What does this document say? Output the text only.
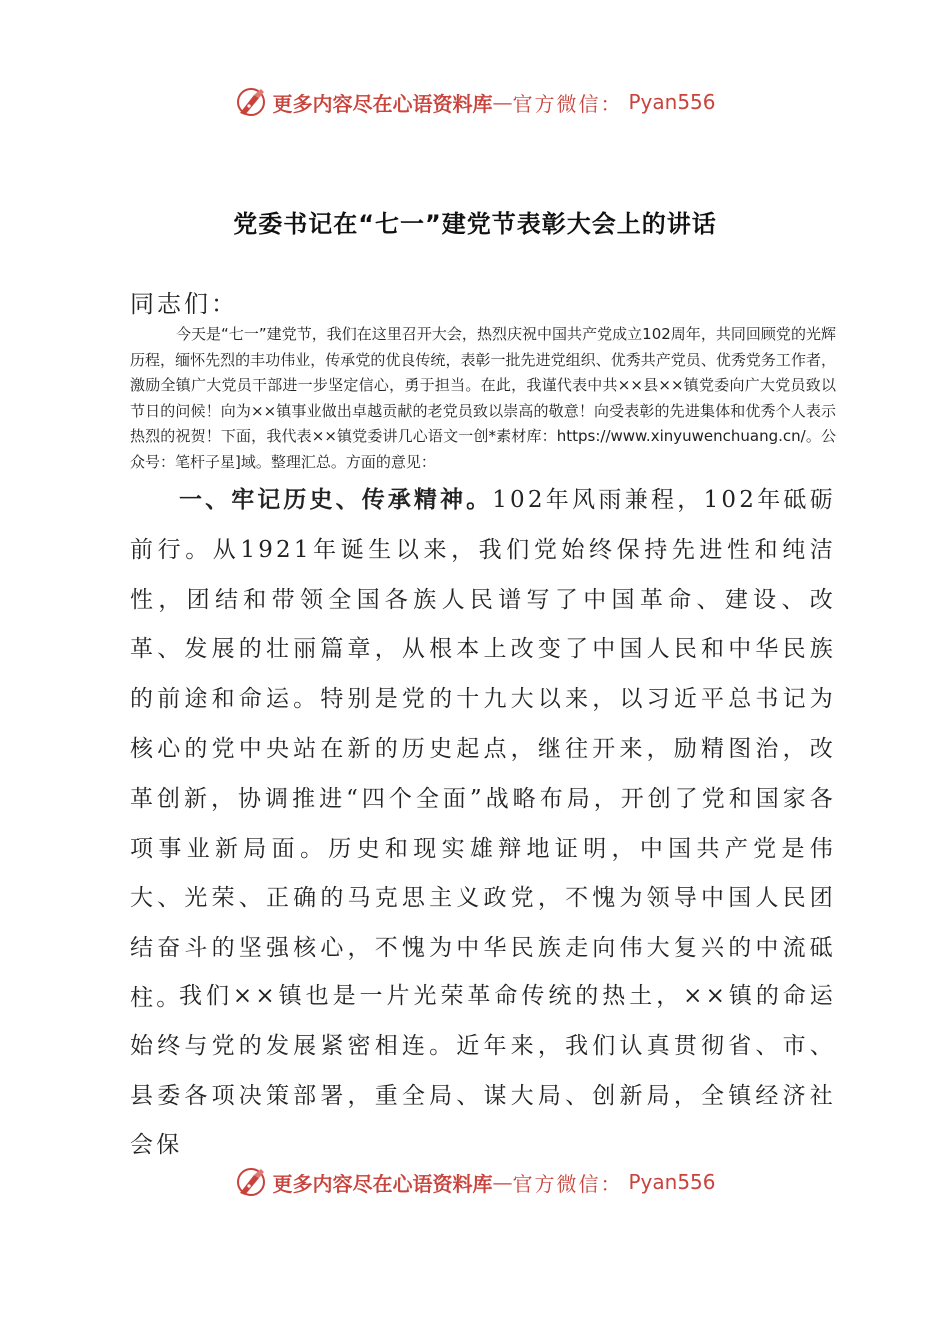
更多内容尽在心语资料库 — 官方微信： Pyan556
党委书记在“七一”建党节表彰大会上的讲话
同志们：
今天是“七一”建党节，我们在这里召开大会，热烈庆祝中国共产党成立102周年，共同回顾党的光辉历程，缅怀先烈的丰功伟业，传承党的优良传统，表彰一批先进党组织、优秀共产党员、优秀党务工作者，激励全镇广大党员干部进一步坚定信心，勇于担当。在此，我谨代表中共××县××镇党委向广大党员致以节日的问候！向为××镇事业做出卓越贡献的老党员致以崇高的敬意！向受表彰的先进集体和优秀个人表示热烈的祝贺！下面，我代表××镇党委讲几心语文一创*素材库：https://www.xinyuwenchuang.cn/。公众号：笔杆子星]域。整理汇总。方面的意见：
一、牢记历史、传承精神。102年风雨兼程，102年砥砺前行。从1921年诞生以来，我们党始终保持先进性和纯洁性，团结和带领全国各族人民谱写了中国革命、建设、改革、发展的壮丽篇章，从根本上改变了中国人民和中华民族的前途和命运。特别是党的十九大以来，以习近平总书记为核心的党中央站在新的历史起点，继往开来，励精图治，改革创新，协调推进“四个全面”战略布局，开创了党和国家各项事业新局面。历史和现实雄辩地证明，中国共产党是伟大、光荣、正确的马克思主义政党，不愧为领导中国人民团结奋斗的坚强核心，不愧为中华民族走向伟大复兴的中流砥柱。
我们××镇也是一片光荣革命传统的热土，××镇的命运始终与党的发展紧密相连。近年来，我们认真贯彻省、市、县委各项决策部署，重全局、谋大局、创新局，全镇经济社会保
更多内容尽在心语资料库 — 官方微信： Pyan556
